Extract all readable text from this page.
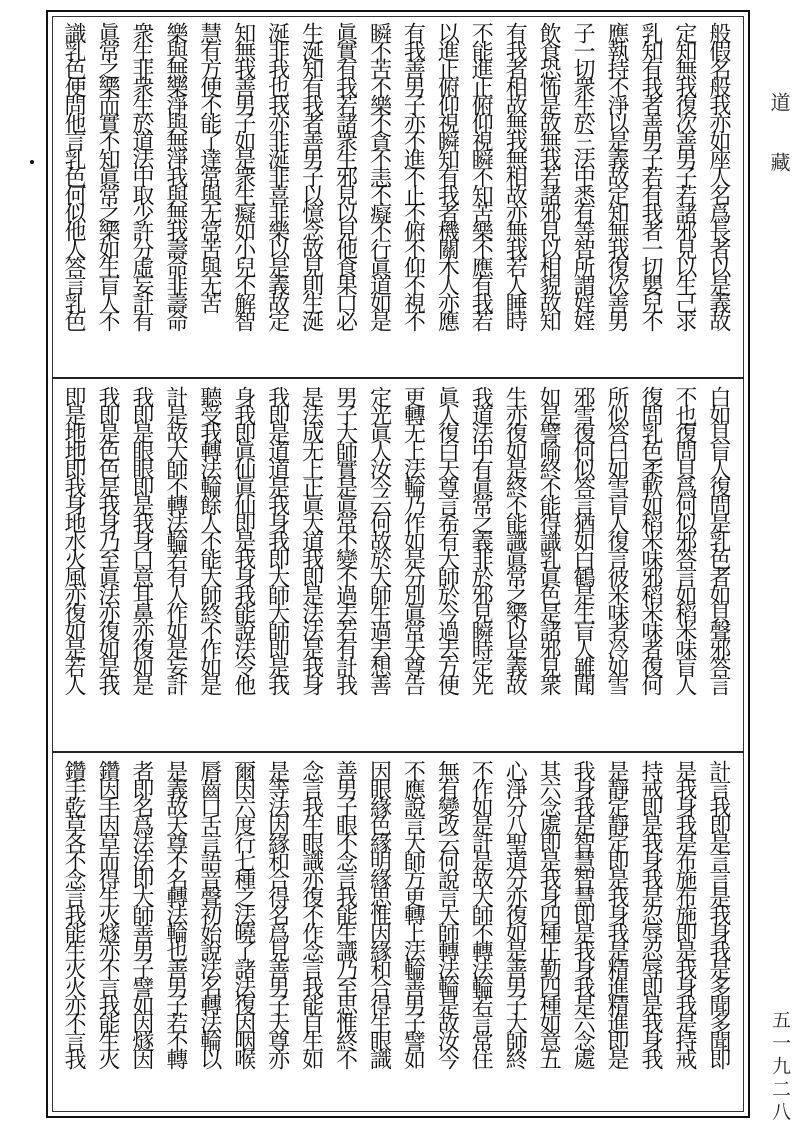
道藏
五一九二八
般假名般我亦如座人名爲長者以是義故
定知無我復次善男子若諸邪見以生己求
乳知有我者善男子若有我者一切嬰兒不
應執持不淨以是義故定知無我復次善男
子一切衆生於三法中悉有等智所謂婬婬
飲食恐怖是故無我若諸邪見以相貌故知
有我者相故無我無相故亦無我若人睡時
不能進止俯仰視瞬不知苦樂不應有我若
以進止俯仰視瞬知有我者機關木人亦應
有我善男子亦不進不止不俯不仰不視不
瞬不苦不樂不貪不恚不癡不行眞道如是
眞實有我若諸衆生邪見以見他食果口必
生涎知有我者善男子以憶念故見則生涎
涎非我也我亦非涎非喜非樂以是義故定
知無我善男子如是衆生癡如小兒不解智
慧有方便不能了達常與无常苦與无苦
樂與無樂淨與無淨我與無我壽命非壽命
衆生非衆生於道法中取少許分虛妄計有
眞常之樂而實不知眞常之樂如生盲人不
識乳色便問他言乳色何似他人答言乳色
白如貝盲人復問是乳色者如貝聲邪答言
不也復問貝爲何似邪答言如稻米味盲人
復問乳色柔軟如稻米味邪稻米味者復何
所似答曰如雪盲人復言彼米味者冷如雪
邪雪復何似答言猶如白鶴是生盲人雖聞
如是譬喻終不能得識乳眞色是諸邪見衆
生亦復如是終不能識眞常之樂以是義故
我道法中有眞常之義非於邪見瞬時定光
眞人復白天尊言希有大師於今過去方便
更轉无上法輪乃作如是分別眞常天尊告
定光眞人汝今云何故於大師生過去想善
男子大師實是眞常不變不過去若有計我
是法成无上正眞大道我即是法法是我身
我即是道道是我身我即大師大師即是我
身我即眞仙眞仙即是我身我能說法令他
聽受我轉法輪餘人不能大師終不作如是
計是故大師不轉法輪若有人作如是妄計
我即是眼眼即是我身口意耳鼻亦復如是
我即是色色是我身乃至眞法亦復如是我
即是地地即我身地水火風亦復如是若人
計言我即是言言是我身我是多聞多聞即
是我身我是布施布施即是我身我是持戒
持戒即是我身我是忍辱忍辱即是我身我
是靜定靜定即是我身我是精進精進即是
我身我是智慧智慧即是我身我是六念處
其六念處即是我身四種正勤四種如意五
心淨分八聖道分亦復如是善男子大師終
不作如是計是故大師不轉法輪若言常住
無有變改云何說言大師轉法輪是故汝今
不應說言大師方更轉上法輪善男子譬如
因眼緣色緣明緣思惟因緣和合得生眼識
善男子眼不念言我能生識乃至思惟終不
念言我生眼識亦復不作念言我能自生如
是等法因緣和合得名爲見善男子天尊亦
爾因六度行七種之法曉了諸法復因咽喉
脣齒口舌言語音聲初始說法名轉法輪以
是義故天尊不名轉法輪也善男子若不轉
者即名爲法法即大師善男子譬如因燧因
鑽因手因草而得生火燧亦不言我能生火
鑽手乾草各不念言我能生火火亦不言我
